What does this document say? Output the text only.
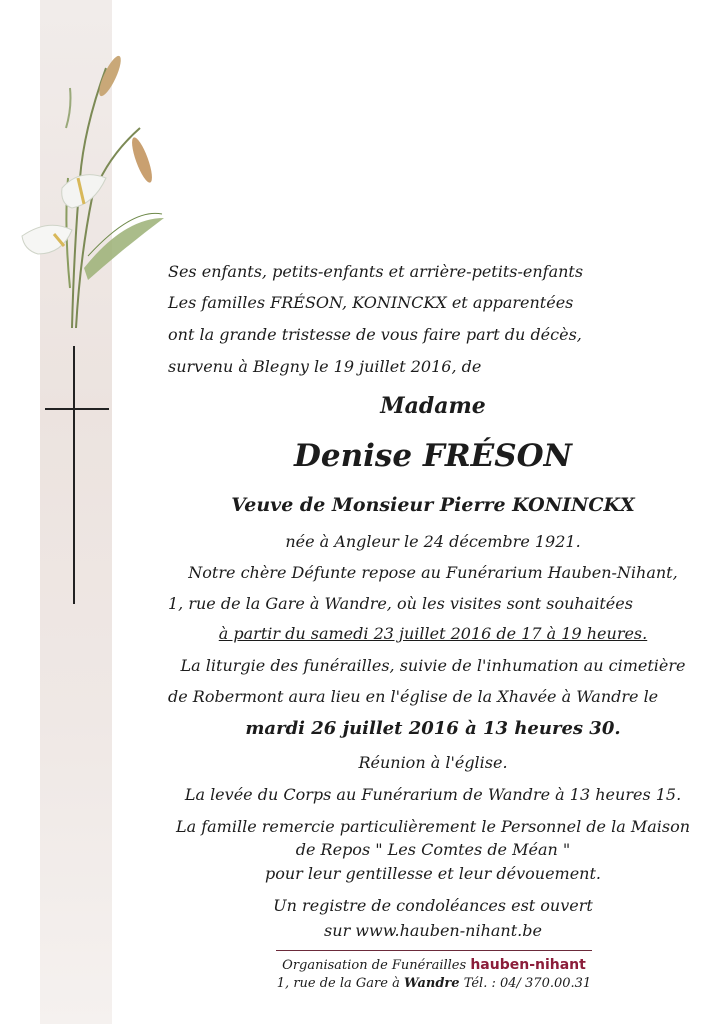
Ses enfants, petits-enfants et arrière-petits-enfants

Les familles FRÉSON, KONINCKX et apparentées

ont la grande tristesse de vous faire part du décès,

survenu à Blegny le 19 juillet 2016, de

Madame

Denise FRÉSON

Veuve de Monsieur Pierre KONINCKX

née à Angleur le 24 décembre 1921.

Notre chère Défunte repose au Funérarium Hauben-Nihant,

1, rue de la Gare à Wandre, où les visites sont souhaitées

à partir du samedi 23 juillet 2016 de 17 à 19 heures.

La liturgie des funérailles, suivie de l'inhumation au cimetière

de Robermont aura lieu en l'église de la Xhavée à Wandre le

mardi 26 juillet 2016 à 13 heures 30.

Réunion à l'église.

La levée du Corps au Funérarium de Wandre à 13 heures 15.

La famille remercie particulièrement le Personnel de la Maison

de Repos " Les Comtes de Méan "

pour leur gentillesse et leur dévouement.

Un registre de condoléances est ouvert

sur www.hauben-nihant.be

Organisation de Funérailles hauben-nihant

1, rue de la Gare à Wandre Tél. : 04/ 370.00.31
